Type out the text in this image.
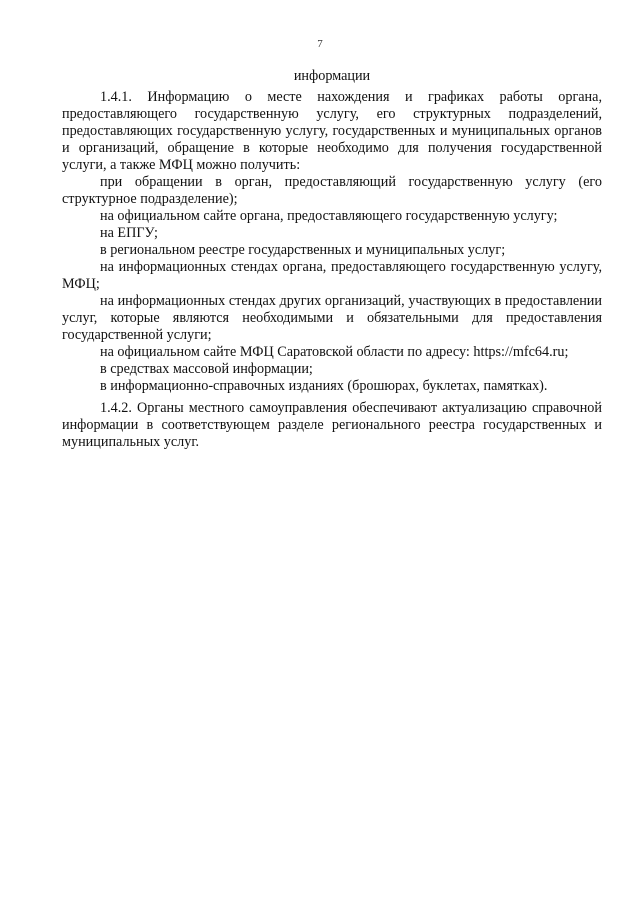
7
информации

1.4.1. Информацию о месте нахождения и графиках работы органа, предоставляющего государственную услугу, его структурных подразделений, предоставляющих государственную услугу, государственных и муниципальных органов и организаций, обращение в которые необходимо для получения государственной услуги, а также МФЦ можно получить:

при обращении в орган, предоставляющий государственную услугу (его структурное подразделение);

на официальном сайте органа, предоставляющего государственную услугу;

на ЕПГУ;

в региональном реестре государственных и муниципальных услуг;

на информационных стендах органа, предоставляющего государственную услугу, МФЦ;

на информационных стендах других организаций, участвующих в предоставлении услуг, которые являются необходимыми и обязательными для предоставления государственной услуги;

на официальном сайте МФЦ Саратовской области по адресу: https://mfc64.ru;

в средствах массовой информации;

в информационно-справочных изданиях (брошюрах, буклетах, памятках).

1.4.2. Органы местного самоуправления обеспечивают актуализацию справочной информации в соответствующем разделе регионального реестра государственных и муниципальных услуг.
